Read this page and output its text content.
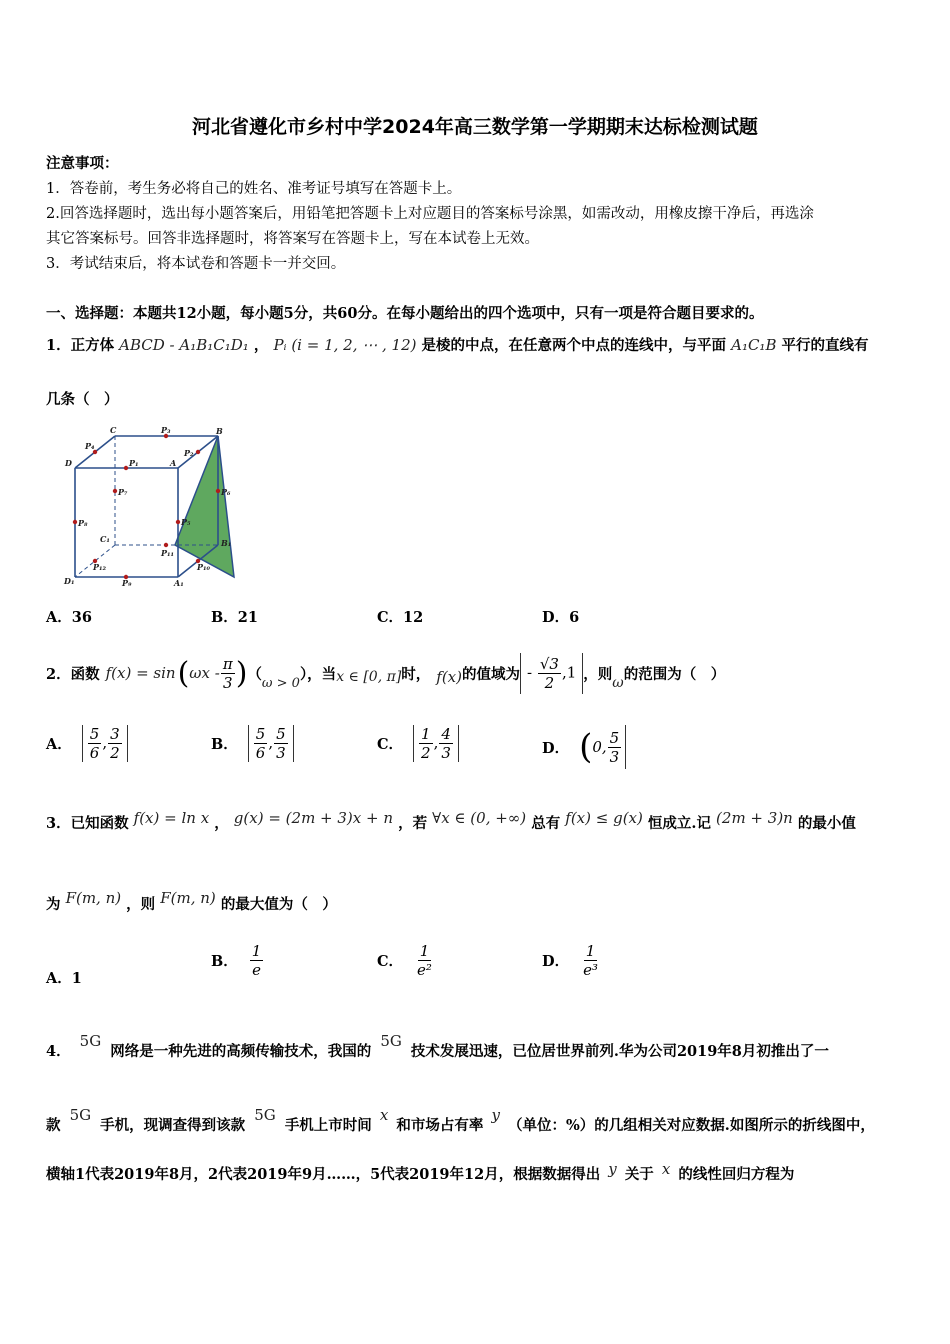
河北省遵化市乡村中学2024年高三数学第一学期期末达标检测试题
注意事项：
1．答卷前，考生务必将自己的姓名、准考证号填写在答题卡上。
2.回答选择题时，选出每小题答案后，用铅笔把答题卡上对应题目的答案标号涂黑，如需改动，用橡皮擦干净后，再选涂
其它答案标号。回答非选择题时，将答案写在答题卡上，写在本试卷上无效。
3．考试结束后，将本试卷和答题卡一并交回。
一、选择题：本题共12小题，每小题5分，共60分。在每小题给出的四个选项中，只有一项是符合题目要求的。
1．正方体 ABCD - A₁B₁C₁D₁ ， Pᵢ (i = 1, 2, ⋯ , 12) 是棱的中点，在任意两个中点的连线中，与平面 A₁C₁B 平行的直线有
几条（　）
C	P₃	B
P₄
D	P₁	A
P₂
P₇	P₆
P₈	P₅
C₁
P₁₁
B₁
P₁₂	P₁₀
D₁	P₉	A₁
A．36	B．21	C．12	D．6
2．函数 f(x) = sin ( ωx - $\frac{\pi}{3}$ ) （
ω > 0
），当 x ∈ [0, π] 时， f(x) 的值域为 - $\frac{√3}{2} ,1$ ，则
ω
的范围为（　）
A． $\frac{5}{6}$ , $\frac{3}{2}$	B． $\frac{5}{6}$ , $\frac{5}{3}$	C． $\frac{1}{2}$ , $\frac{4}{3}$	D． ( 0, $\frac{5}{3}$
3．已知函数 f(x) = ln x ， g(x) = (2m + 3)x + n ，若 ∀x ∈ (0, +∞) 总有 f(x) ≤ g(x) 恒成立.记 (2m + 3)n 的最小值
为 F(m, n) ，则 F(m, n) 的最大值为（　）
A．1
B． $\frac{1}{e}$	C． $\frac{1}{\text{e²}}$	D． $\frac{1}{\text{e³}}$
4． 5G 网络是一种先进的高频传输技术，我国的 5G 技术发展迅速，已位居世界前列.华为公司2019年8月初推出了一
款 5G 手机，现调查得到该款 5G 手机上市时间 x 和市场占有率 y （单位：%）的几组相关对应数据.如图所示的折线图中，
横轴1代表2019年8月，2代表2019年9月……，5代表2019年12月，根据数据得出 y 关于 x 的线性回归方程为
